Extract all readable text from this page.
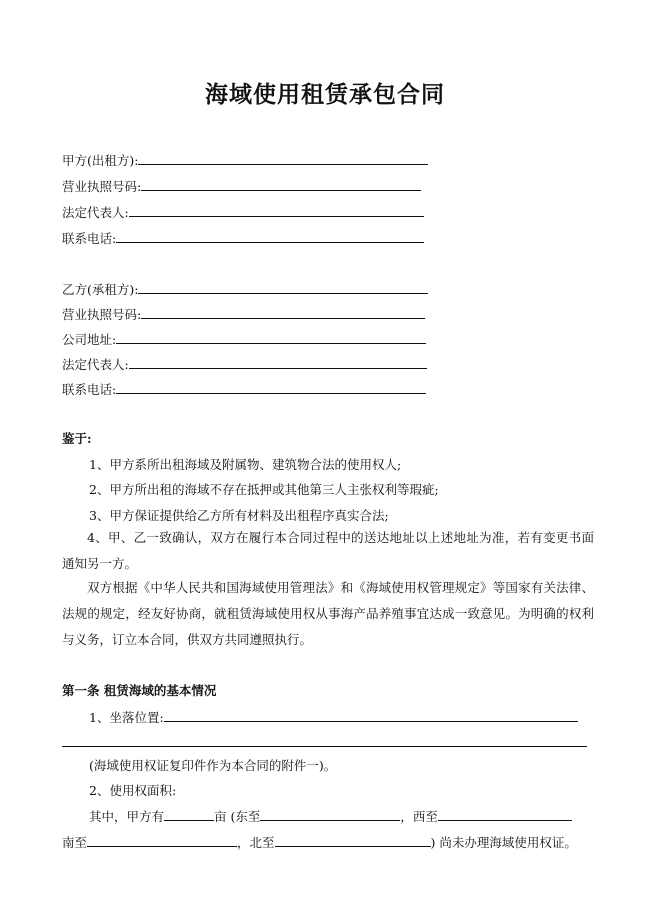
海域使用租赁承包合同
甲方(出租方):
营业执照号码:
法定代表人:
联系电话:
乙方(承租方):
营业执照号码:
公司地址:
法定代表人:
联系电话:
鉴于:
1、甲方系所出租海域及附属物、建筑物合法的使用权人;
2、甲方所出租的海域不存在抵押或其他第三人主张权利等瑕疵;
3、甲方保证提供给乙方所有材料及出租程序真实合法;
4、甲、乙一致确认，双方在履行本合同过程中的送达地址以上述地址为准，若有变更书面通知另一方。
双方根据《中华人民共和国海域使用管理法》和《海域使用权管理规定》等国家有关法律、法规的规定，经友好协商，就租赁海域使用权从事海产品养殖事宜达成一致意见。为明确的权利与义务，订立本合同，供双方共同遵照执行。
第一条 租赁海域的基本情况
1、坐落位置:
(海域使用权证复印件作为本合同的附件一)。
2、使用权面积:
其中，甲方有	亩 (东至	，西至
南至	，北至	) 尚未办理海域使用权证。
